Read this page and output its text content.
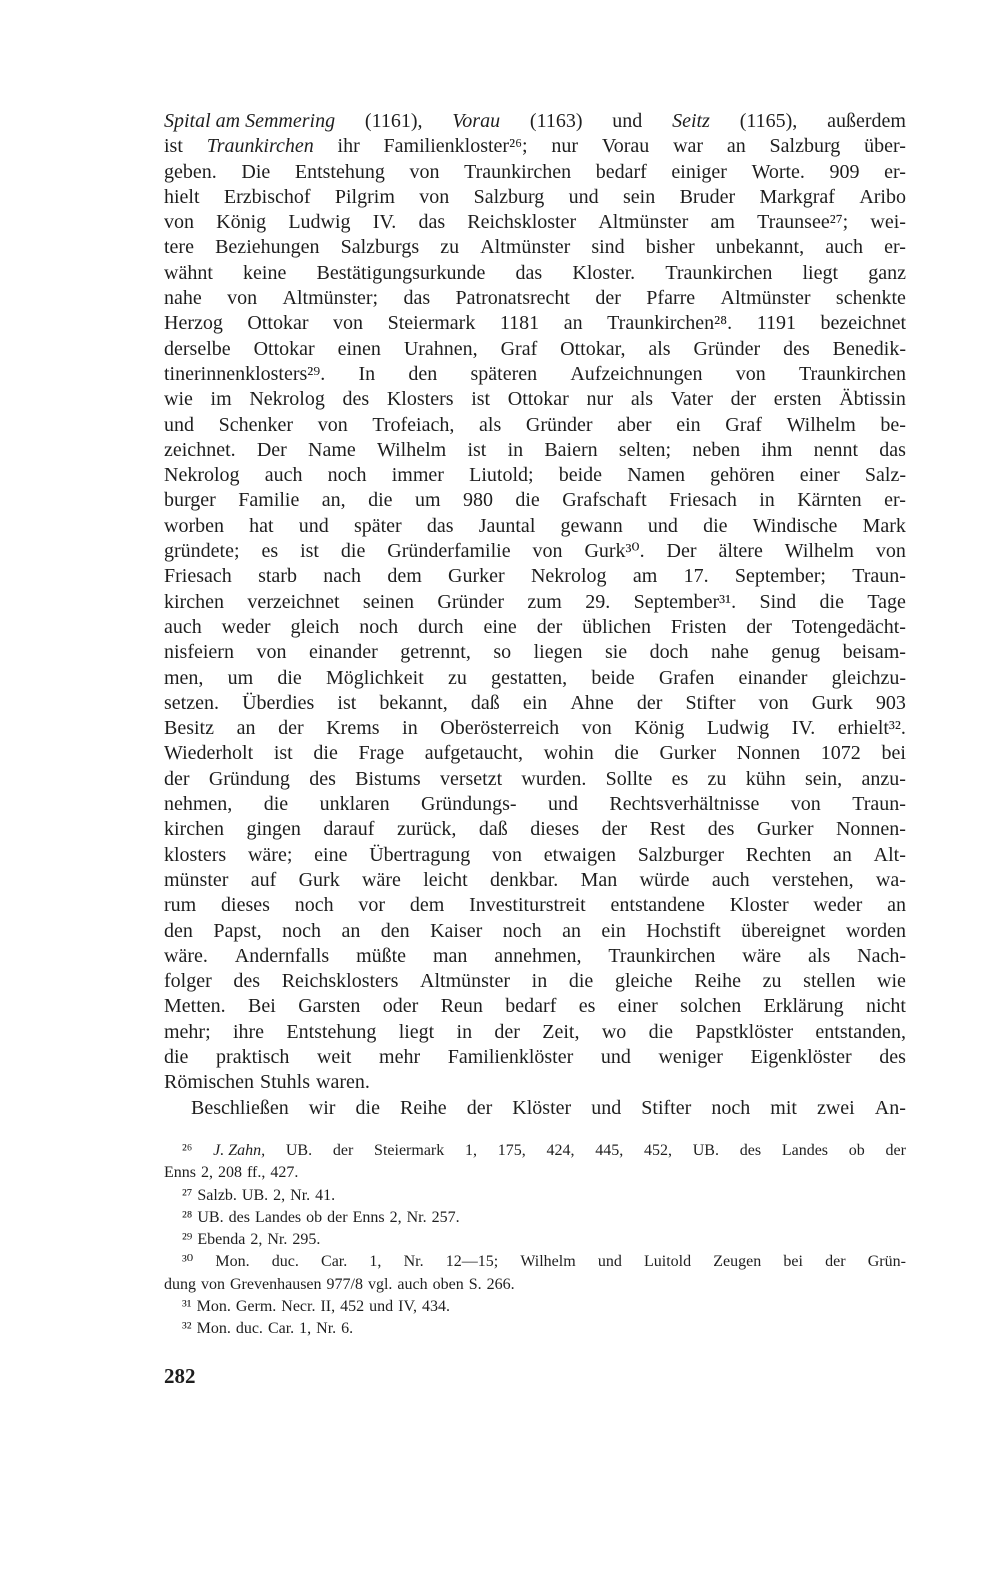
Spital am Semmering (1161), Vorau (1163) und Seitz (1165), außerdem
ist Traunkirchen ihr Familienkloster²⁶; nur Vorau war an Salzburg über-
geben. Die Entstehung von Traunkirchen bedarf einiger Worte. 909 er-
hielt Erzbischof Pilgrim von Salzburg und sein Bruder Markgraf Aribo
von König Ludwig IV. das Reichskloster Altmünster am Traunsee²⁷; wei-
tere Beziehungen Salzburgs zu Altmünster sind bisher unbekannt, auch er-
wähnt keine Bestätigungsurkunde das Kloster. Traunkirchen liegt ganz
nahe von Altmünster; das Patronatsrecht der Pfarre Altmünster schenkte
Herzog Ottokar von Steiermark 1181 an Traunkirchen²⁸. 1191 bezeichnet
derselbe Ottokar einen Urahnen, Graf Ottokar, als Gründer des Benedik-
tinerinnenklosters²⁹. In den späteren Aufzeichnungen von Traunkirchen
wie im Nekrolog des Klosters ist Ottokar nur als Vater der ersten Äbtissin
und Schenker von Trofeiach, als Gründer aber ein Graf Wilhelm be-
zeichnet. Der Name Wilhelm ist in Baiern selten; neben ihm nennt das
Nekrolog auch noch immer Liutold; beide Namen gehören einer Salz-
burger Familie an, die um 980 die Grafschaft Friesach in Kärnten er-
worben hat und später das Jauntal gewann und die Windische Mark
gründete; es ist die Gründerfamilie von Gurk³⁰. Der ältere Wilhelm von
Friesach starb nach dem Gurker Nekrolog am 17. September; Traun-
kirchen verzeichnet seinen Gründer zum 29. September³¹. Sind die Tage
auch weder gleich noch durch eine der üblichen Fristen der Totengedächt-
nisfeiern von einander getrennt, so liegen sie doch nahe genug beisam-
men, um die Möglichkeit zu gestatten, beide Grafen einander gleichzu-
setzen. Überdies ist bekannt, daß ein Ahne der Stifter von Gurk 903
Besitz an der Krems in Oberösterreich von König Ludwig IV. erhielt³².
Wiederholt ist die Frage aufgetaucht, wohin die Gurker Nonnen 1072 bei
der Gründung des Bistums versetzt wurden. Sollte es zu kühn sein, anzu-
nehmen, die unklaren Gründungs- und Rechtsverhältnisse von Traun-
kirchen gingen darauf zurück, daß dieses der Rest des Gurker Nonnen-
klosters wäre; eine Übertragung von etwaigen Salzburger Rechten an Alt-
münster auf Gurk wäre leicht denkbar. Man würde auch verstehen, wa-
rum dieses noch vor dem Investiturstreit entstandene Kloster weder an
den Papst, noch an den Kaiser noch an ein Hochstift übereignet worden
wäre. Andernfalls müßte man annehmen, Traunkirchen wäre als Nach-
folger des Reichsklosters Altmünster in die gleiche Reihe zu stellen wie
Metten. Bei Garsten oder Reun bedarf es einer solchen Erklärung nicht
mehr; ihre Entstehung liegt in der Zeit, wo die Papstklöster entstanden,
die praktisch weit mehr Familienklöster und weniger Eigenklöster des
Römischen Stuhls waren.
Beschließen wir die Reihe der Klöster und Stifter noch mit zwei An-
²⁶ J. Zahn, UB. der Steiermark 1, 175, 424, 445, 452, UB. des Landes ob der
Enns 2, 208 ff., 427.
²⁷ Salzb. UB. 2, Nr. 41.
²⁸ UB. des Landes ob der Enns 2, Nr. 257.
²⁹ Ebenda 2, Nr. 295.
³⁰ Mon. duc. Car. 1, Nr. 12—15; Wilhelm und Luitold Zeugen bei der Grün-
dung von Grevenhausen 977/8 vgl. auch oben S. 266.
³¹ Mon. Germ. Necr. II, 452 und IV, 434.
³² Mon. duc. Car. 1, Nr. 6.
282
